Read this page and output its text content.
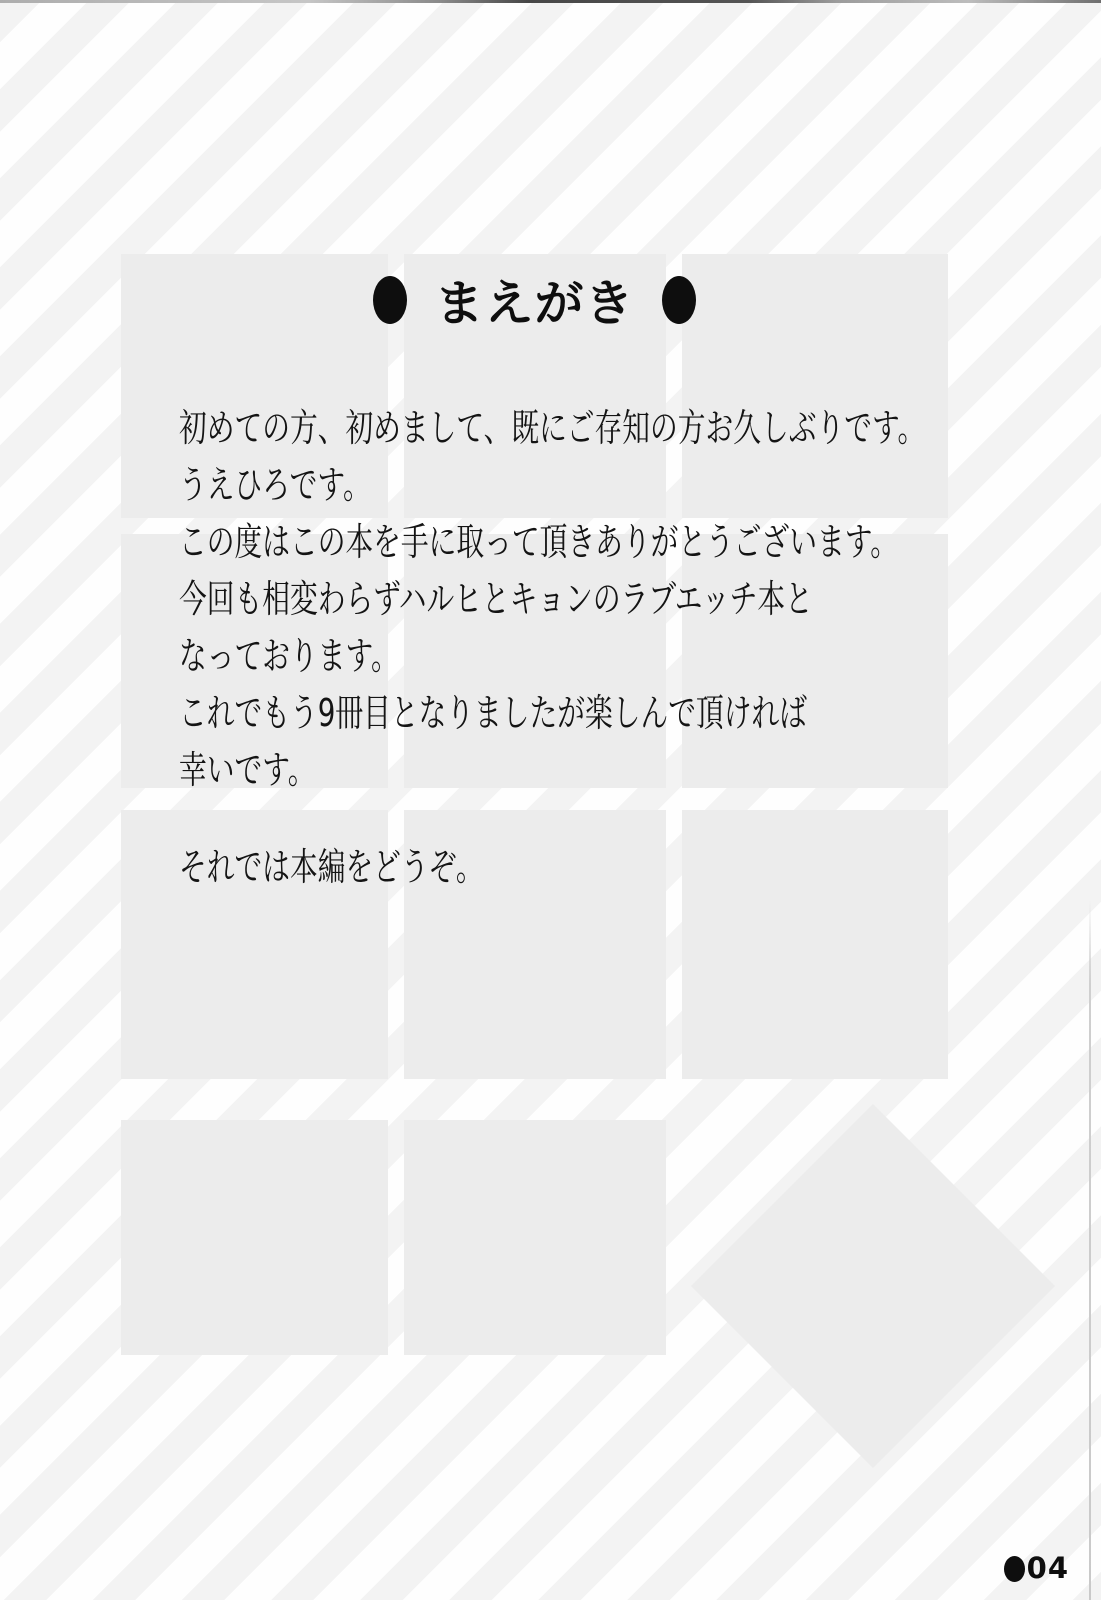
まえがき
初めての方、初めまして、既にご存知の方お久しぶりです。
うえひろです。
この度はこの本を手に取って頂きありがとうございます。
今回も相変わらずハルヒとキョンのラブエッチ本と
なっております。
これでもう9冊目となりましたが楽しんで頂ければ
幸いです。
それでは本編をどうぞ。
04
